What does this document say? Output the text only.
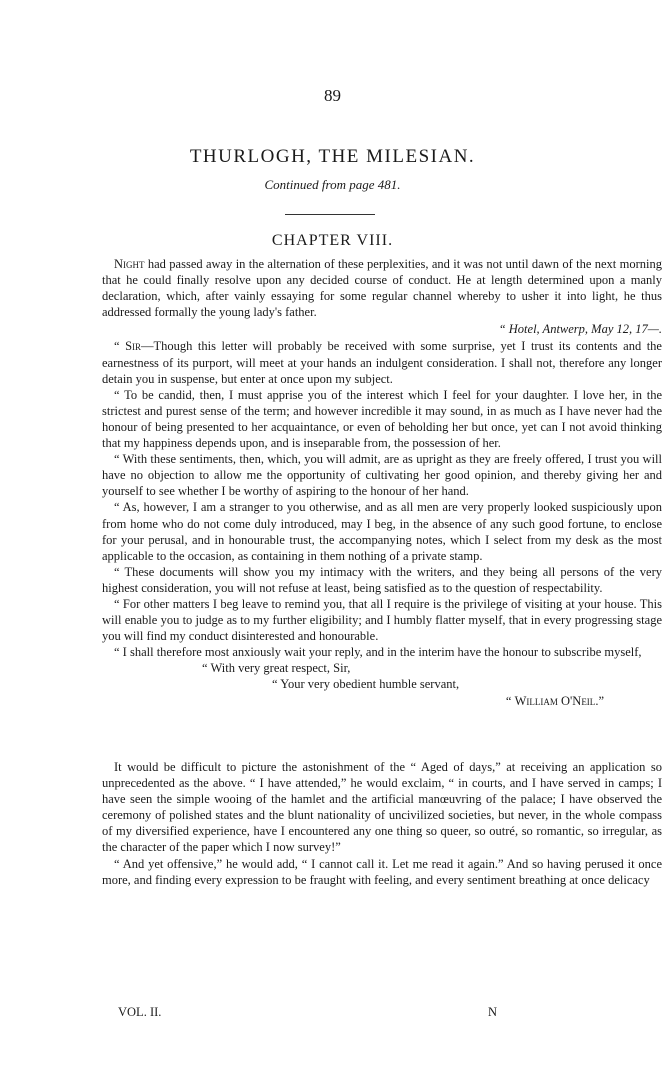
89
THURLOGH, THE MILESIAN.
Continued from page 481.
CHAPTER VIII.

Night had passed away in the alternation of these perplexities, and it was not until dawn of the next morning that he could finally resolve upon any decided course of conduct. He at length determined upon a manly declaration, which, after vainly essaying for some regular channel whereby to usher it into light, he thus addressed formally the young lady's father.

“ Hotel, Antwerp, May 12, 17—.

“ Sir—Though this letter will probably be received with some surprise, yet I trust its contents and the earnestness of its purport, will meet at your hands an indulgent consideration. I shall not, therefore any longer detain you in suspense, but enter at once upon my subject.

“ To be candid, then, I must apprise you of the interest which I feel for your daughter. I love her, in the strictest and purest sense of the term; and however incredible it may sound, in as much as I have never had the honour of being presented to her acquaintance, or even of beholding her but once, yet can I not avoid thinking that my happiness depends upon, and is inseparable from, the possession of her.

“ With these sentiments, then, which, you will admit, are as upright as they are freely offered, I trust you will have no objection to allow me the opportunity of cultivating her good opinion, and thereby giving her and yourself to see whether I be worthy of aspiring to the honour of her hand.

“ As, however, I am a stranger to you otherwise, and as all men are very properly looked suspiciously upon from home who do not come duly introduced, may I beg, in the absence of any such good fortune, to enclose for your perusal, and in honourable trust, the accompanying notes, which I select from my desk as the most applicable to the occasion, as containing in them nothing of a private stamp.

“ These documents will show you my intimacy with the writers, and they being all persons of the very highest consideration, you will not refuse at least, being satisfied as to the question of respectability.

“ For other matters I beg leave to remind you, that all I require is the privilege of visiting at your house. This will enable you to judge as to my further eligibility; and I humbly flatter myself, that in every progressing stage you will find my conduct disinterested and honourable.

“ I shall therefore most anxiously wait your reply, and in the interim have the honour to subscribe myself,

“ With very great respect, Sir,
“ Your very obedient humble servant,
“ William O'Neil.”

It would be difficult to picture the astonishment of the “ Aged of days,” at receiving an application so unprecedented as the above. “ I have attended,” he would exclaim, “ in courts, and I have served in camps; I have seen the simple wooing of the hamlet and the artificial manœuvring of the palace; I have observed the ceremony of polished states and the blunt nationality of uncivilized societies, but never, in the whole compass of my diversified experience, have I encountered any one thing so queer, so outré, so romantic, so irregular, as the character of the paper which I now survey!”

“ And yet offensive,” he would add, “ I cannot call it. Let me read it again.” And so having perused it once more, and finding every expression to be fraught with feeling, and every sentiment breathing at once delicacy

VOL. II.	N
